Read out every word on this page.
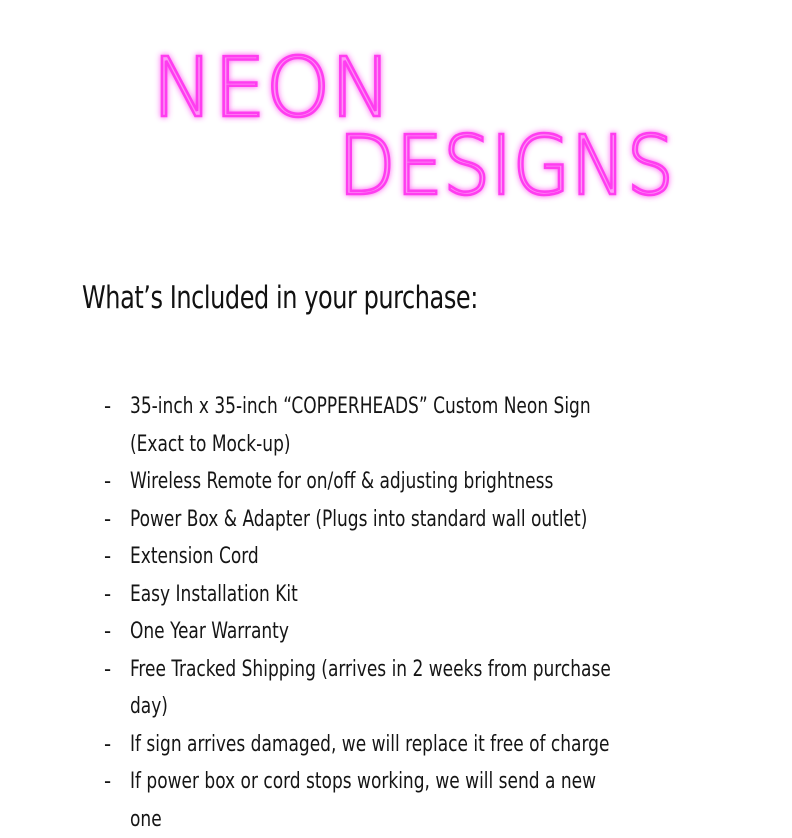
NEON
DESIGNS
What’s Included in your purchase:
- 35-inch x 35-inch “COPPERHEADS” Custom Neon Sign (Exact to Mock-up)
- Wireless Remote for on/off & adjusting brightness
- Power Box & Adapter (Plugs into standard wall outlet)
- Extension Cord
- Easy Installation Kit
- One Year Warranty
- Free Tracked Shipping (arrives in 2 weeks from purchase day)
- If sign arrives damaged, we will replace it free of charge
- If power box or cord stops working, we will send a new one
